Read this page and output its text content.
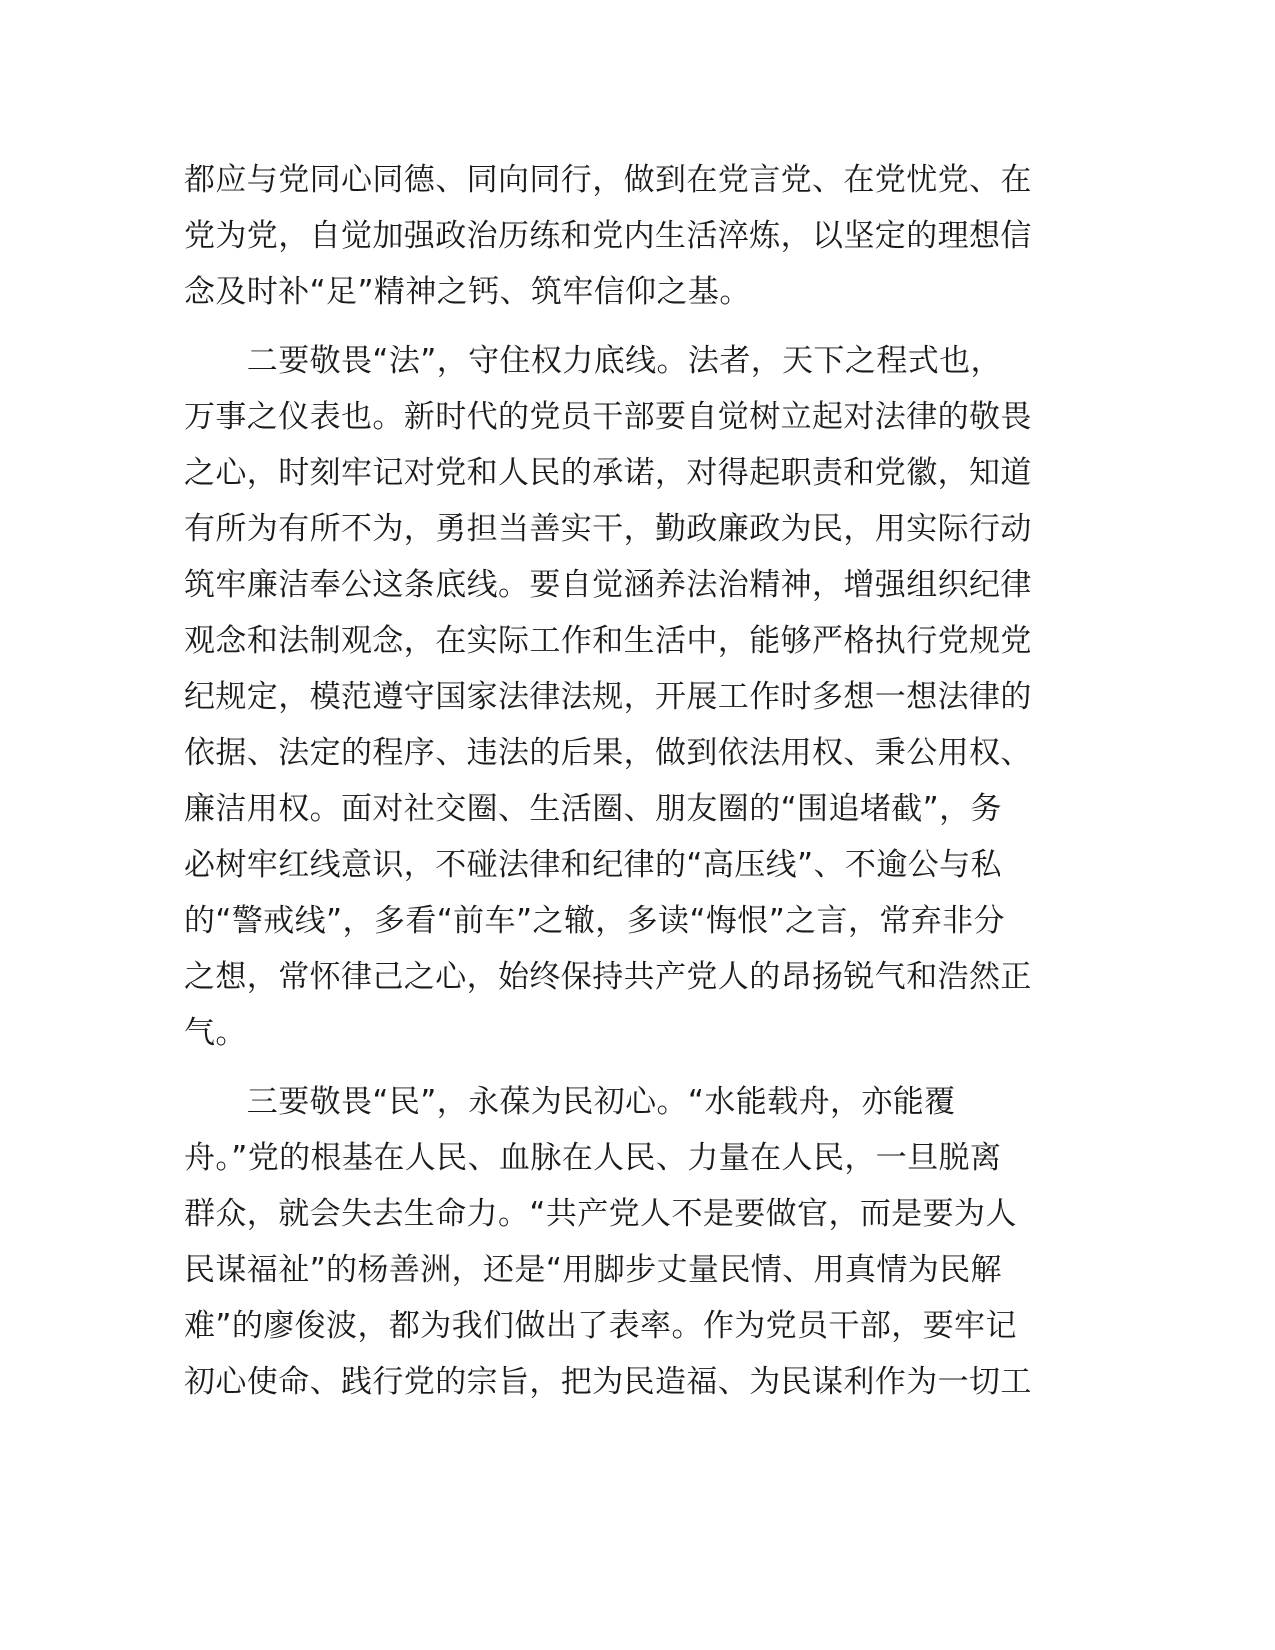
都应与党同心同德、同向同行，做到在党言党、在党忧党、在
党为党，自觉加强政治历练和党内生活淬炼，以坚定的理想信
念及时补“足”精神之钙、筑牢信仰之基。
　　二要敬畏“法”，守住权力底线。法者，天下之程式也，
万事之仪表也。新时代的党员干部要自觉树立起对法律的敬畏
之心，时刻牢记对党和人民的承诺，对得起职责和党徽，知道
有所为有所不为，勇担当善实干，勤政廉政为民，用实际行动
筑牢廉洁奉公这条底线。要自觉涵养法治精神，增强组织纪律
观念和法制观念，在实际工作和生活中，能够严格执行党规党
纪规定，模范遵守国家法律法规，开展工作时多想一想法律的
依据、法定的程序、违法的后果，做到依法用权、秉公用权、
廉洁用权。面对社交圈、生活圈、朋友圈的“围追堵截”，务
必树牢红线意识，不碰法律和纪律的“高压线”、不逾公与私
的“警戒线”，多看“前车”之辙，多读“悔恨”之言，常弃非分
之想，常怀律己之心，始终保持共产党人的昂扬锐气和浩然正
气。
　　三要敬畏“民”，永葆为民初心。“水能载舟，亦能覆
舟。”党的根基在人民、血脉在人民、力量在人民，一旦脱离
群众，就会失去生命力。“共产党人不是要做官，而是要为人
民谋福祉”的杨善洲，还是“用脚步丈量民情、用真情为民解
难”的廖俊波，都为我们做出了表率。作为党员干部，要牢记
初心使命、践行党的宗旨，把为民造福、为民谋利作为一切工
